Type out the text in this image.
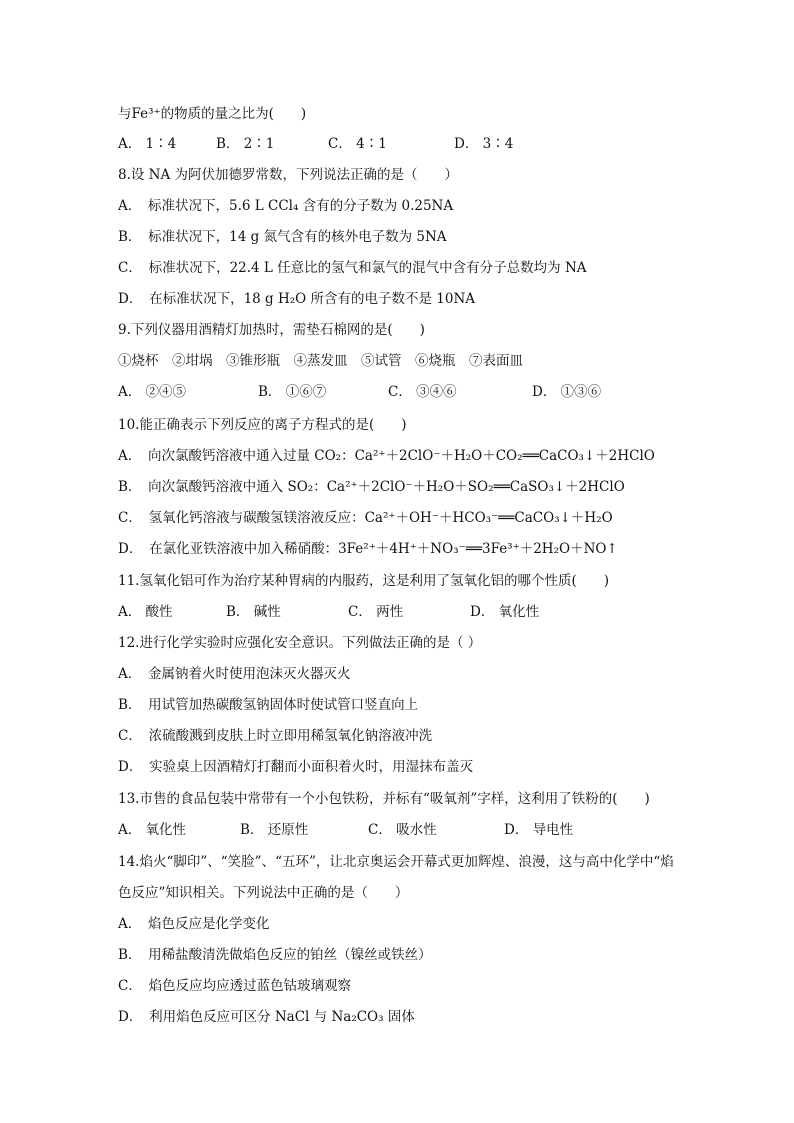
与Fe³⁺的物质的量之比为(　　)
A． 1∶4	B． 2∶1	C． 4∶1	D． 3∶4
8.设 NA 为阿伏加德罗常数，下列说法正确的是（　　）
A．　标准状况下，5.6 L CCl₄ 含有的分子数为 0.25NA
B．　标准状况下，14 g 氮气含有的核外电子数为 5NA
C．　标准状况下，22.4 L 任意比的氢气和氯气的混气中含有分子总数均为 NA
D．　在标准状况下，18 g H₂O 所含有的电子数不是 10NA
9.下列仪器用酒精灯加热时，需垫石棉网的是(　　)
①烧杯　②坩埚　③锥形瓶　④蒸发皿　⑤试管　⑥烧瓶　⑦表面皿
A． ②④⑤	B． ①⑥⑦	C． ③④⑥	D． ①③⑥
10.能正确表示下列反应的离子方程式的是(　　)
A．　向次氯酸钙溶液中通入过量 CO₂：Ca²⁺＋2ClO⁻＋H₂O＋CO₂══CaCO₃↓＋2HClO
B．　向次氯酸钙溶液中通入 SO₂：Ca²⁺＋2ClO⁻＋H₂O＋SO₂══CaSO₃↓＋2HClO
C．　氢氧化钙溶液与碳酸氢镁溶液反应：Ca²⁺＋OH⁻＋HCO₃⁻══CaCO₃↓＋H₂O
D．　在氯化亚铁溶液中加入稀硝酸：3Fe²⁺＋4H⁺＋NO₃⁻══3Fe³⁺＋2H₂O＋NO↑
11.氢氧化铝可作为治疗某种胃病的内服药，这是利用了氢氧化铝的哪个性质(　　)
A． 酸性	B． 碱性	C． 两性	D． 氧化性
12.进行化学实验时应强化安全意识。下列做法正确的是（ ）
A．　金属钠着火时使用泡沫灭火器灭火
B．　用试管加热碳酸氢钠固体时使试管口竖直向上
C．　浓硫酸溅到皮肤上时立即用稀氢氧化钠溶液冲洗
D．　实验桌上因酒精灯打翻而小面积着火时，用湿抹布盖灭
13.市售的食品包装中常带有一个小包铁粉，并标有“吸氧剂”字样，这利用了铁粉的(　　)
A． 氧化性	B． 还原性	C． 吸水性	D． 导电性
14.焰火“脚印”、“笑脸”、“五环”，让北京奥运会开幕式更加辉煌、浪漫，这与高中化学中“焰
色反应”知识相关。下列说法中正确的是（　　）
A．　焰色反应是化学变化
B．　用稀盐酸清洗做焰色反应的铂丝（镍丝或铁丝）
C．　焰色反应均应透过蓝色钴玻璃观察
D．　利用焰色反应可区分 NaCl 与 Na₂CO₃ 固体
